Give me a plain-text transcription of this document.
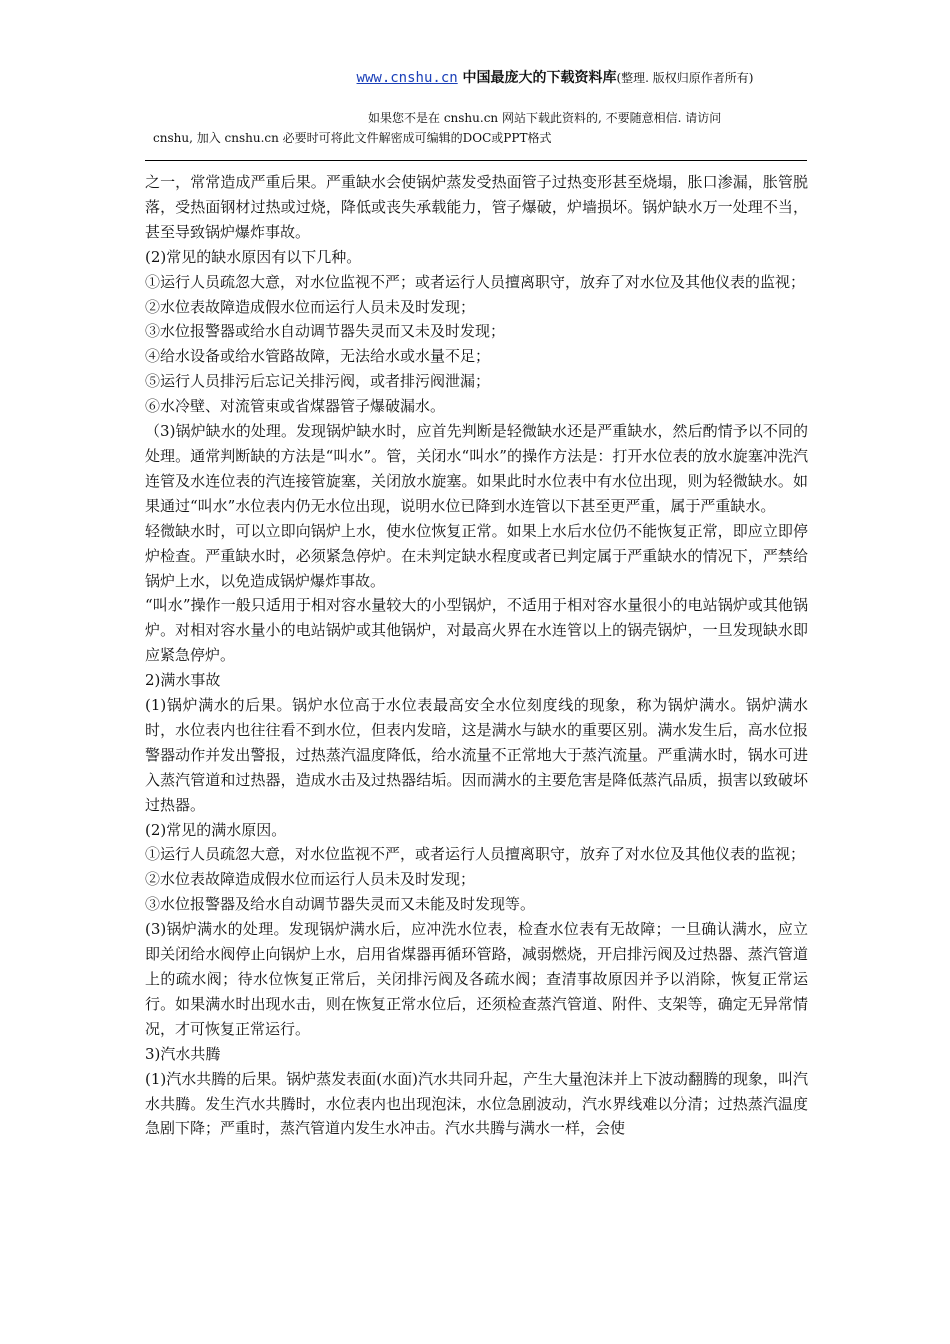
www.cnshu.cn 中国最庞大的下载资料库(整理. 版权归原作者所有)
如果您不是在 cnshu.cn 网站下载此资料的, 不要随意相信. 请访问
cnshu, 加入 cnshu.cn 必要时可将此文件解密成可编辑的DOC或PPT格式

之一，常常造成严重后果。严重缺水会使锅炉蒸发受热面管子过热变形甚至烧塌，胀口渗漏，胀管脱落，受热面钢材过热或过烧，降低或丧失承载能力，管子爆破，炉墙损坏。锅炉缺水万一处理不当，甚至导致锅炉爆炸事故。

(2)常见的缺水原因有以下几种。

①运行人员疏忽大意，对水位监视不严；或者运行人员擅离职守，放弃了对水位及其他仪表的监视；

②水位表故障造成假水位而运行人员未及时发现；

③水位报警器或给水自动调节器失灵而又未及时发现；

④给水设备或给水管路故障，无法给水或水量不足；

⑤运行人员排污后忘记关排污阀，或者排污阀泄漏；

⑥水冷壁、对流管束或省煤器管子爆破漏水。

（3)锅炉缺水的处理。发现锅炉缺水时，应首先判断是轻微缺水还是严重缺水，然后酌情予以不同的处理。通常判断缺的方法是“叫水”。管，关闭水“叫水”的操作方法是：打开水位表的放水旋塞冲洗汽连管及水连位表的汽连接管旋塞，关闭放水旋塞。如果此时水位表中有水位出现，则为轻微缺水。如果通过“叫水”水位表内仍无水位出现，说明水位已降到水连管以下甚至更严重，属于严重缺水。

轻微缺水时，可以立即向锅炉上水，使水位恢复正常。如果上水后水位仍不能恢复正常，即应立即停炉检查。严重缺水时，必须紧急停炉。在未判定缺水程度或者已判定属于严重缺水的情况下，严禁给锅炉上水，以免造成锅炉爆炸事故。

“叫水”操作一般只适用于相对容水量较大的小型锅炉，不适用于相对容水量很小的电站锅炉或其他锅炉。对相对容水量小的电站锅炉或其他锅炉，对最高火界在水连管以上的锅壳锅炉，一旦发现缺水即应紧急停炉。

2)满水事故

(1)锅炉满水的后果。锅炉水位高于水位表最高安全水位刻度线的现象，称为锅炉满水。锅炉满水时，水位表内也往往看不到水位，但表内发暗，这是满水与缺水的重要区别。满水发生后，高水位报警器动作并发出警报，过热蒸汽温度降低，给水流量不正常地大于蒸汽流量。严重满水时，锅水可进入蒸汽管道和过热器，造成水击及过热器结垢。因而满水的主要危害是降低蒸汽品质，损害以致破坏过热器。

(2)常见的满水原因。

①运行人员疏忽大意，对水位监视不严，或者运行人员擅离职守，放弃了对水位及其他仪表的监视；

②水位表故障造成假水位而运行人员未及时发现；

③水位报警器及给水自动调节器失灵而又未能及时发现等。

(3)锅炉满水的处理。发现锅炉满水后，应冲洗水位表，检查水位表有无故障；一旦确认满水，应立即关闭给水阀停止向锅炉上水，启用省煤器再循环管路，减弱燃烧，开启排污阀及过热器、蒸汽管道上的疏水阀；待水位恢复正常后，关闭排污阀及各疏水阀；查清事故原因并予以消除，恢复正常运行。如果满水时出现水击，则在恢复正常水位后，还须检查蒸汽管道、附件、支架等，确定无异常情况，才可恢复正常运行。

3)汽水共腾

(1)汽水共腾的后果。锅炉蒸发表面(水面)汽水共同升起，产生大量泡沫并上下波动翻腾的现象，叫汽水共腾。发生汽水共腾时，水位表内也出现泡沫，水位急剧波动，汽水界线难以分清；过热蒸汽温度急剧下降；严重时，蒸汽管道内发生水冲击。汽水共腾与满水一样，会使
